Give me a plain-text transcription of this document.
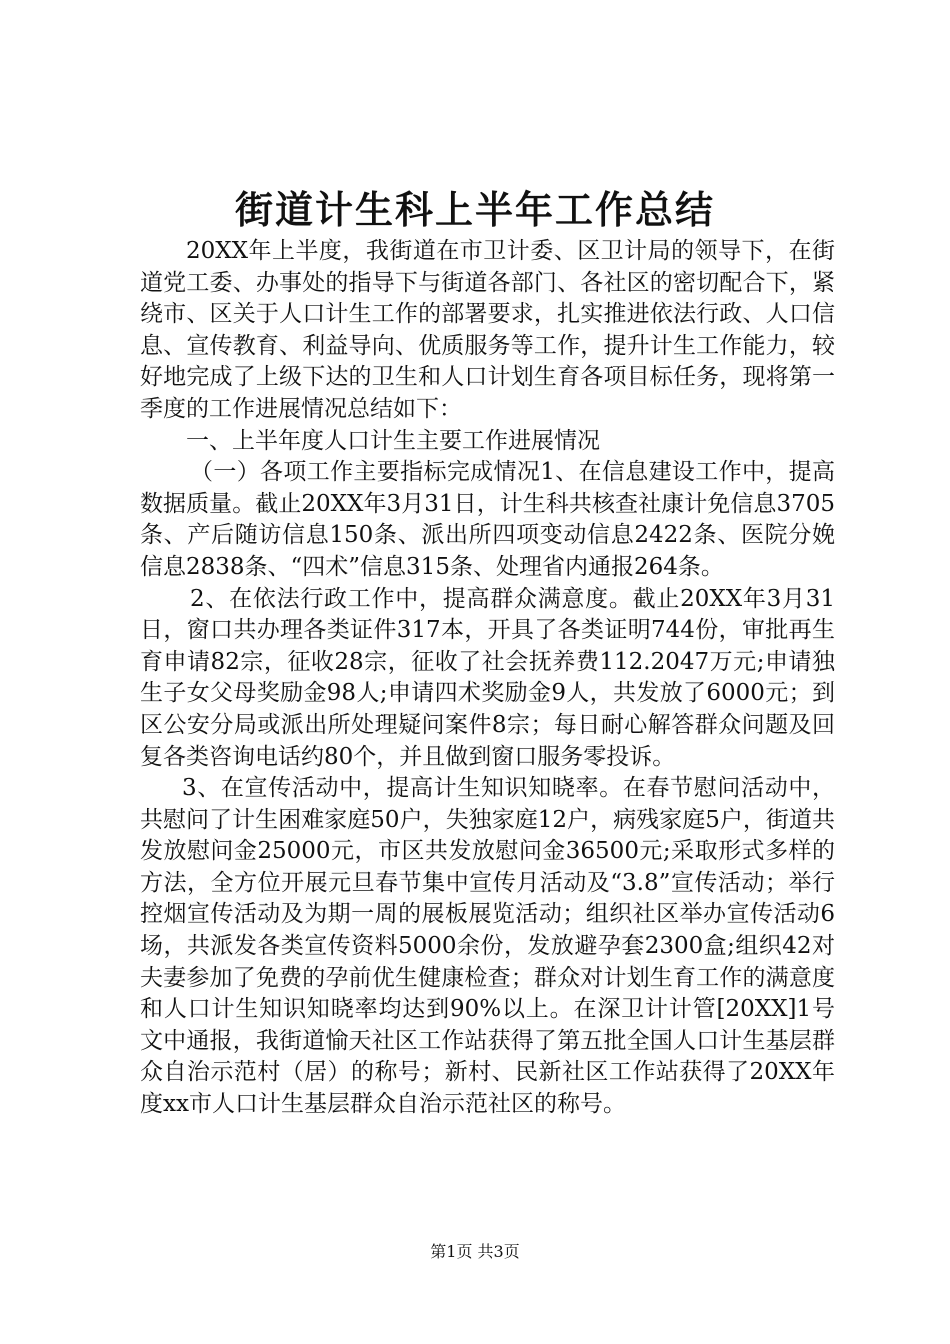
街道计生科上半年工作总结

20XX年上半度，我街道在市卫计委、区卫计局的领导下，在街道党工委、办事处的指导下与街道各部门、各社区的密切配合下，紧绕市、区关于人口计生工作的部署要求，扎实推进依法行政、人口信息、宣传教育、利益导向、优质服务等工作，提升计生工作能力，较好地完成了上级下达的卫生和人口计划生育各项目标任务，现将第一季度的工作进展情况总结如下：

一、上半年度人口计生主要工作进展情况

（一）各项工作主要指标完成情况1、在信息建设工作中，提高数据质量。截止20XX年3月31日，计生科共核查社康计免信息3705条、产后随访信息150条、派出所四项变动信息2422条、医院分娩信息2838条、“四术”信息315条、处理省内通报264条。

2、在依法行政工作中，提高群众满意度。截止20XX年3月31日，窗口共办理各类证件317本，开具了各类证明744份，审批再生育申请82宗，征收28宗，征收了社会抚养费112.2047万元;申请独生子女父母奖励金98人;申请四术奖励金9人，共发放了6000元；到区公安分局或派出所处理疑问案件8宗；每日耐心解答群众问题及回复各类咨询电话约80个，并且做到窗口服务零投诉。

3、在宣传活动中，提高计生知识知晓率。在春节慰问活动中，共慰问了计生困难家庭50户，失独家庭12户，病残家庭5户，街道共发放慰问金25000元，市区共发放慰问金36500元;采取形式多样的方法，全方位开展元旦春节集中宣传月活动及“3.8”宣传活动；举行控烟宣传活动及为期一周的展板展览活动；组织社区举办宣传活动6场，共派发各类宣传资料5000余份，发放避孕套2300盒;组织42对夫妻参加了免费的孕前优生健康检查；群众对计划生育工作的满意度和人口计生知识知晓率均达到90%以上。在深卫计计管[20XX]1号文中通报，我街道愉天社区工作站获得了第五批全国人口计生基层群众自治示范村（居）的称号；新村、民新社区工作站获得了20XX年度xx市人口计生基层群众自治示范社区的称号。

第1页 共3页
